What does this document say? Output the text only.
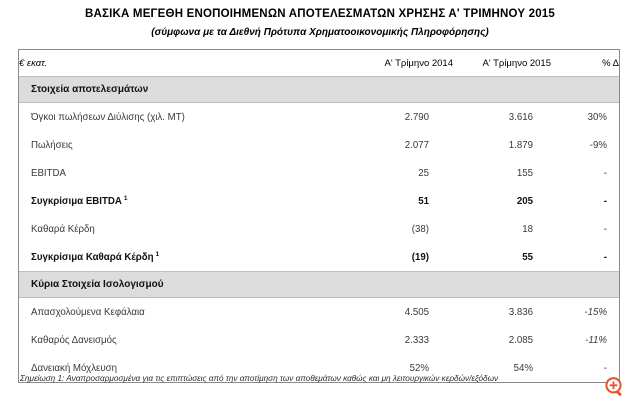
ΒΑΣΙΚΑ ΜΕΓΕΘΗ ΕΝΟΠΟΙΗΜΕΝΩΝ ΑΠΟΤΕΛΕΣΜΑΤΩΝ ΧΡΗΣΗΣ Α' ΤΡΙΜΗΝΟΥ 2015
(σύμφωνα με τα Διεθνή Πρότυπα Χρηματοοικονομικής Πληροφόρησης)
€ εκατ.	Α' Τρίμηνο 2014	Α' Τρίμηνο 2015	% Δ
Στοιχεία αποτελεσμάτων			
Όγκοι πωλήσεων Διύλισης (χιλ. ΜΤ)	2.790	3.616	30%
Πωλήσεις	2.077	1.879	-9%
EBITDA	25	155	-
Συγκρίσιμα EBITDA $^1$	51	205	-
Καθαρά Κέρδη	(38)	18	-
Συγκρίσιμα Καθαρά Κέρδη $^1$	(19)	55	-
Κύρια Στοιχεία Ισολογισμού			
Απασχολούμενα Κεφάλαια	4.505	3.836	-15%
Καθαρός Δανεισμός	2.333	2.085	-11%
Δανειακή Μόχλευση	52%	54%	-
Σημείωση 1: Αναπροσαρμοσμένα για τις επιπτώσεις από την αποτίμηση των αποθεμάτων καθώς και μη λειτουργικών κερδών/εξόδων
